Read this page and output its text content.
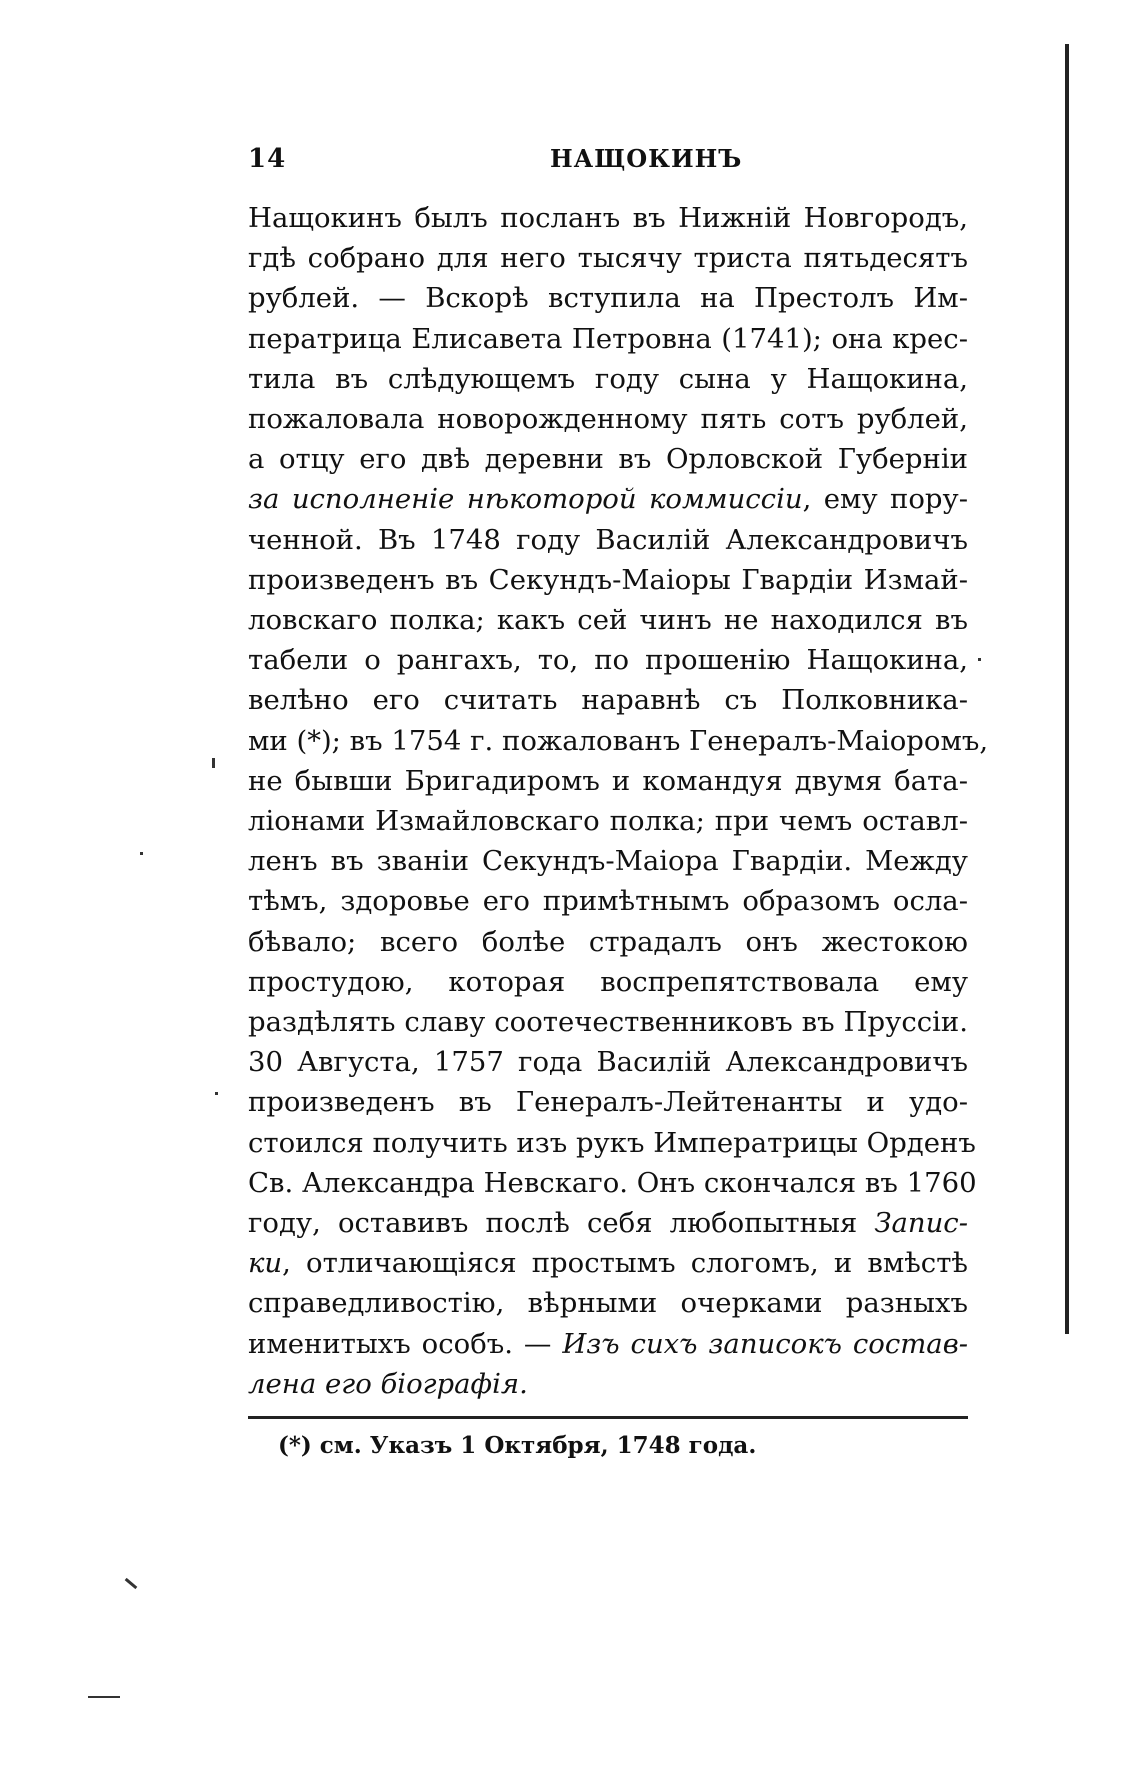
14	НАЩОКИНЪ
Нащокинъ былъ посланъ въ Нижній Новгородъ,
гдѣ собрано для него тысячу триста пятьдесятъ
рублей. — Вскорѣ вступила на Престолъ Им-
ператрица Елисавета Петровна (1741); она крес-
тила въ слѣдующемъ году сына у Нащокина,
пожаловала новорожденному пять сотъ рублей,
а отцу его двѣ деревни въ Орловской Губерніи
за исполненіе нѣкоторой коммиссіи, ему пору-
ченной. Въ 1748 году Василій Александровичъ
произведенъ въ Секундъ-Маіоры Гвардіи Измай-
ловскаго полка; какъ сей чинъ не находился въ
табели о рангахъ, то, по прошенію Нащокина,
велѣно его считать наравнѣ съ Полковника-
ми (*); въ 1754 г. пожалованъ Генералъ-Маіоромъ,
не бывши Бригадиромъ и командуя двумя бата-
ліонами Измайловскаго полка; при чемъ оставл-
ленъ въ званіи Секундъ-Маіора Гвардіи. Между
тѣмъ, здоровье его примѣтнымъ образомъ осла-
бѣвало; всего болѣе страдалъ онъ жестокою
простудою, которая воспрепятствовала ему
раздѣлять славу соотечественниковъ въ Пруссіи.
30 Августа, 1757 года Василій Александровичъ
произведенъ въ Генералъ-Лейтенанты и удо-
стоился получить изъ рукъ Императрицы Орденъ
Св. Александра Невскаго. Онъ скончался въ 1760
году, оставивъ послѣ себя любопытныя Запис-
ки, отличающіяся простымъ слогомъ, и вмѣстѣ
справедливостію, вѣрными очерками разныхъ
именитыхъ особъ. — Изъ сихъ записокъ состав-
лена его біографія.
(*) см. Указъ 1 Октября, 1748 года.
